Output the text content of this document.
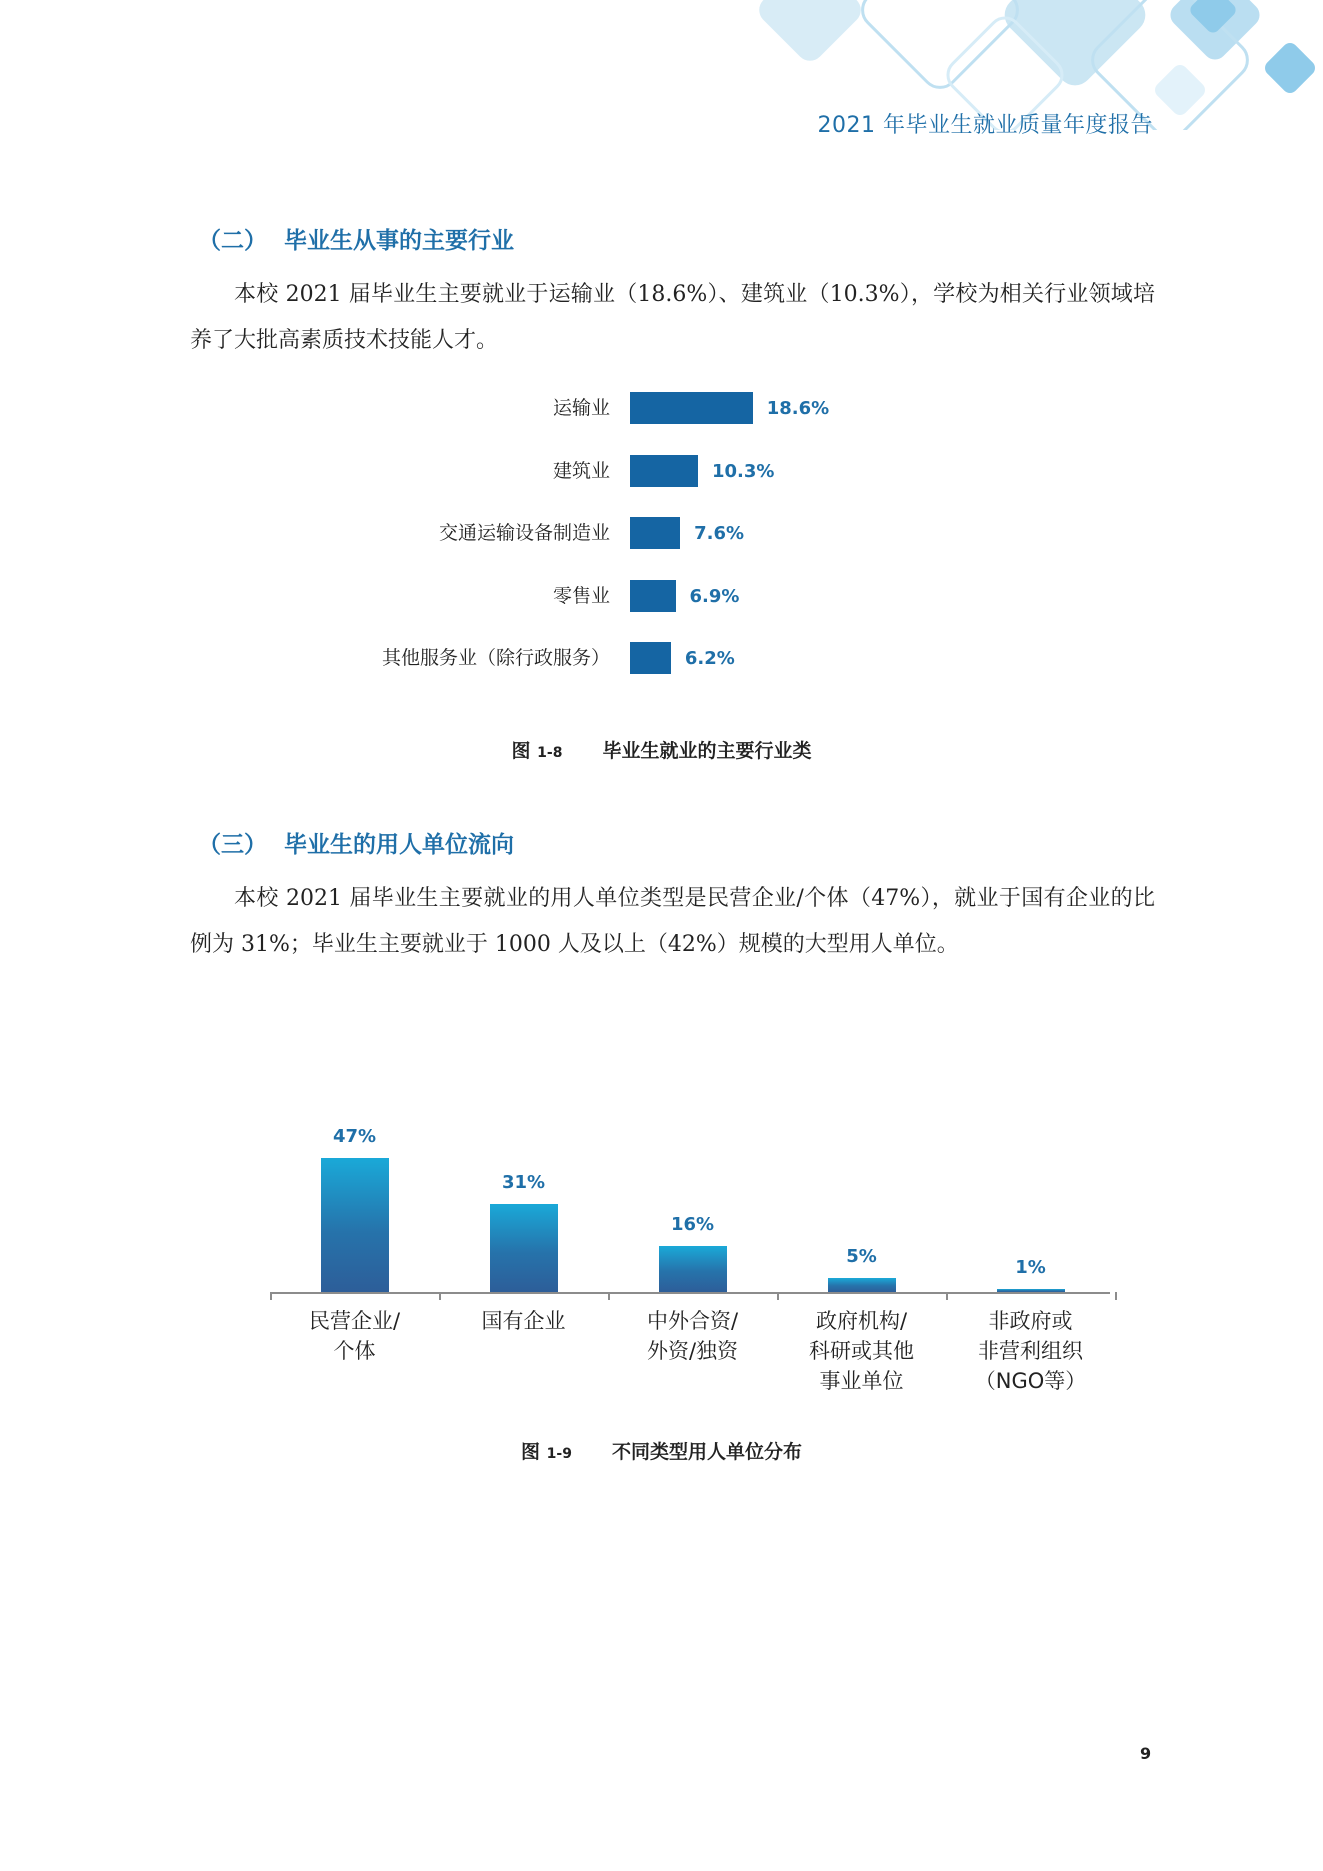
2021 年毕业生就业质量年度报告
（二） 毕业生从事的主要行业
本校 2021 届毕业生主要就业于运输业（18.6%）、建筑业（10.3%），学校为相关行业领域培养了大批高素质技术技能人才。
运输业	18.6%
建筑业	10.3%
交通运输设备制造业	7.6%
零售业	6.9%
其他服务业（除行政服务）	6.2%
图 1-8 毕业生就业的主要行业类
（三） 毕业生的用人单位流向
本校 2021 届毕业生主要就业的用人单位类型是民营企业/个体（47%），就业于国有企业的比例为 31%；毕业生主要就业于 1000 人及以上（42%）规模的大型用人单位。
47%
民营企业/
个体
31%
国有企业
16%
中外合资/
外资/独资
5%
政府机构/
科研或其他
事业单位
1%
非政府或
非营利组织
（NGO等）
图 1-9 不同类型用人单位分布
9
